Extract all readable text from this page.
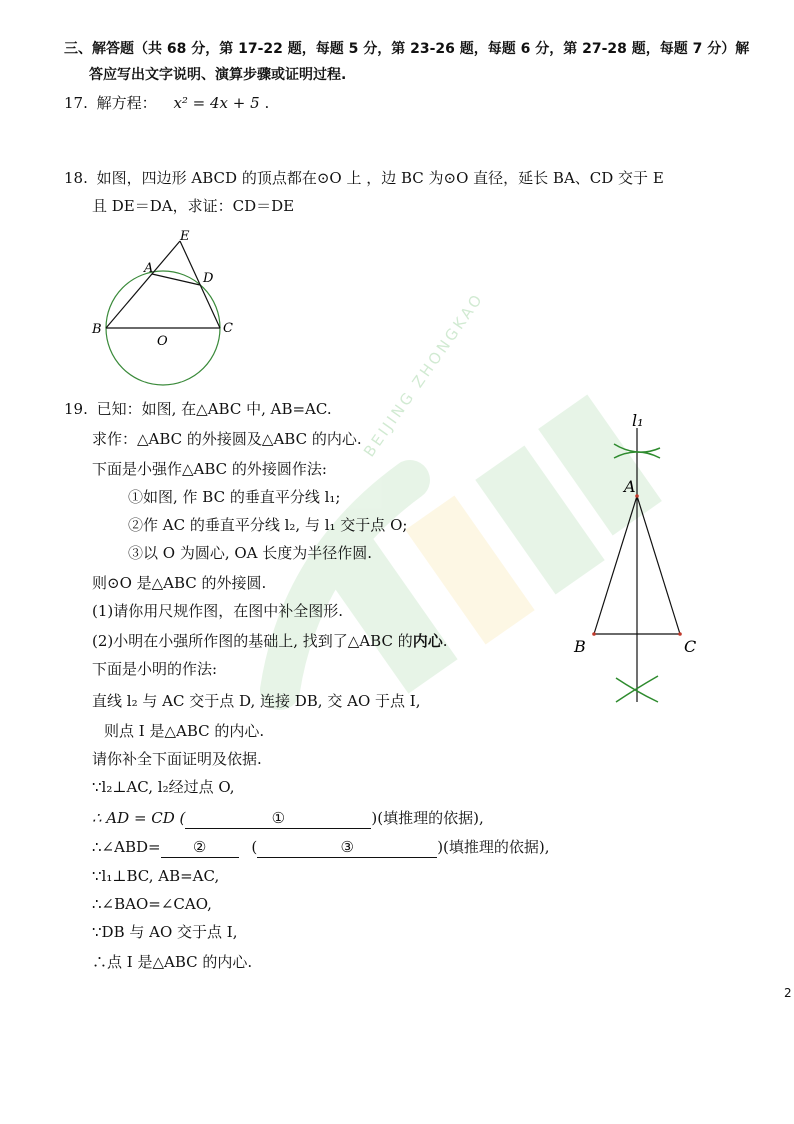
BEIJING ZHONGKAO
三、解答题（共 68 分，第 17-22 题，每题 5 分，第 23-26 题，每题 6 分，第 27-28 题，每题 7 分）解
答应写出文字说明、演算步骤或证明过程.
17. 解方程： x² = 4x + 5 .
18. 如图，四边形 ABCD 的顶点都在⊙O 上 ，边 BC 为⊙O 直径，延长 BA、CD 交于 E
且 DE＝DA，求证：CD＝DE
E
A
D
B	C
O
19. 已知：如图, 在△ABC 中, AB=AC.
求作：△ABC 的外接圆及△ABC 的内心.
下面是小强作△ABC 的外接圆作法:
①如图, 作 BC 的垂直平分线 l₁;
②作 AC 的垂直平分线 l₂, 与 l₁ 交于点 O;
③以 O 为圆心, OA 长度为半径作圆.
则⊙O 是△ABC 的外接圆.
(1)请你用尺规作图，在图中补全图形.
(2)小明在小强所作图的基础上, 找到了△ABC 的内心.
下面是小明的作法:
直线 l₂ 与 AC 交于点 D, 连接 DB, 交 AO 于点 I,
则点 I 是△ABC 的内心.
请你补全下面证明及依据.
∵l₂⊥AC, l₂经过点 O,
∴ AD = CD (	①	)(填推理的依据),
∴∠ABD= ②	(	③	)(填推理的依据),
∵l₁⊥BC, AB=AC,
∴∠BAO=∠CAO,
∵DB 与 AO 交于点 I,
∴点 I 是△ABC 的内心.
l₁
A
B	C
2
